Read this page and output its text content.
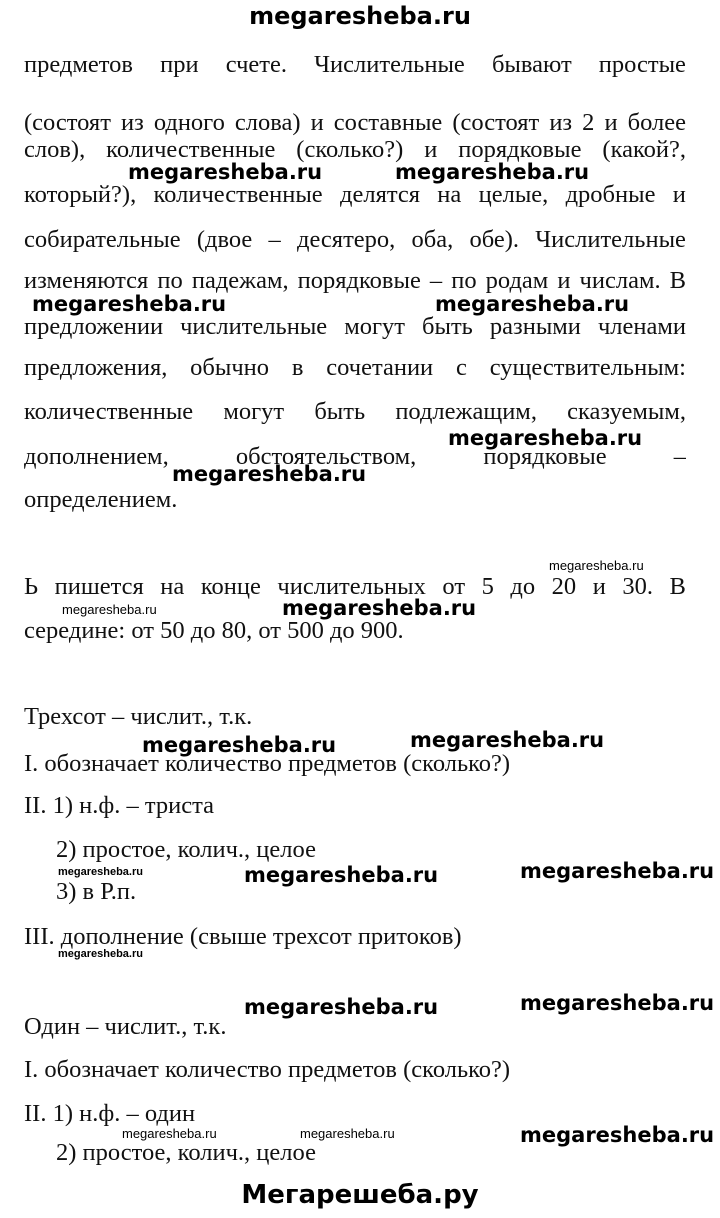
megaresheba.ru
предметов при счете. Числительные бывают простые
(состоят из одного слова) и составные (состоят из 2 и более
слов), количественные (сколько?) и порядковые (какой?,
который?), количественные делятся на целые, дробные и
собирательные (двое – десятеро, оба, обе). Числительные
изменяются по падежам, порядковые – по родам и числам. В
предложении числительные могут быть разными членами
предложения, обычно в сочетании с существительным:
количественные могут быть подлежащим, сказуемым,
дополнением,	обстоятельством,	порядковые	–
определением.
Ь пишется на конце числительных от 5 до 20 и 30. В
середине: от 50 до 80, от 500 до 900.
Трехсот – числит., т.к.
I. обозначает количество предметов (сколько?)
II. 1) н.ф. – триста
2) простое, колич., целое
3) в Р.п.
III. дополнение (свыше трехсот притоков)
Один – числит., т.к.
I. обозначает количество предметов (сколько?)
II. 1) н.ф. – один
2) простое, колич., целое
megaresheba.ru	megaresheba.ru
megaresheba.ru	megaresheba.ru
megaresheba.ru
megaresheba.ru
megaresheba.ru
megaresheba.ru	megaresheba.ru
megaresheba.ru	megaresheba.ru
megaresheba.ru	megaresheba.ru	megaresheba.ru
megaresheba.ru
megaresheba.ru	megaresheba.ru
megaresheba.ru	megaresheba.ru	megaresheba.ru
Мегарешеба.ру
